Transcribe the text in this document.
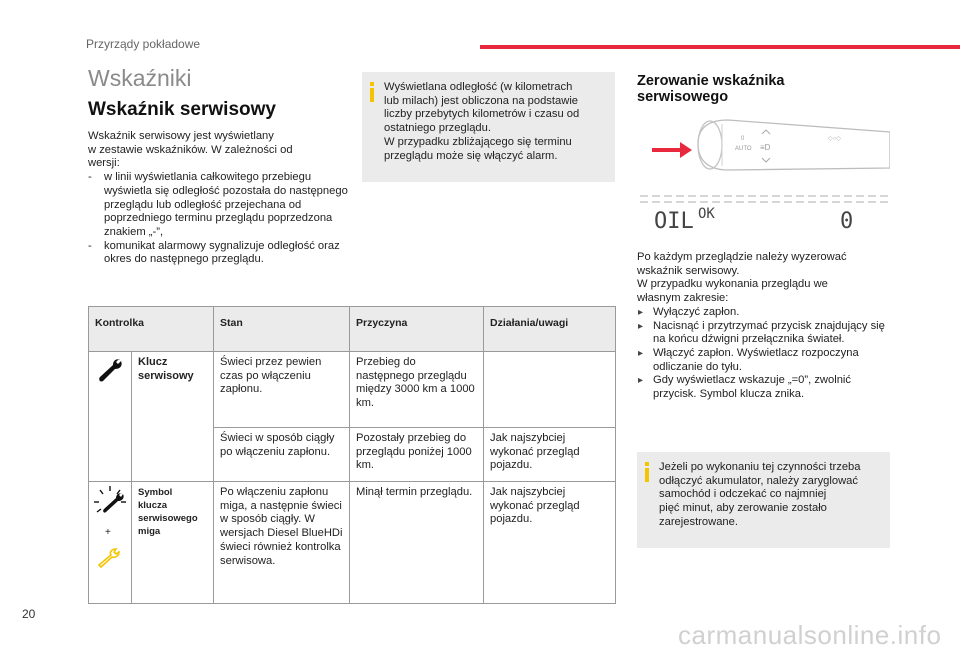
Przyrządy pokładowe
Wskaźniki
Wskaźnik serwisowy

Wskaźnik serwisowy jest wyświetlany

w zestawie wskaźników. W zależności od

wersji:

- w linii wyświetlania całkowitego przebiegu wyświetla się odległość pozostała do następnego przeglądu lub odległość przejechana od poprzedniego terminu przeglądu poprzedzona znakiem „-”,

- komunikat alarmowy sygnalizuje odległość oraz okres do następnego przeglądu.

Wyświetlana odległość (w kilometrach
lub milach) jest obliczona na podstawie
liczby przebytych kilometrów i czasu od
ostatniego przeglądu.
W przypadku zbliżającego się terminu
przeglądu może się włączyć alarm.
Zerowanie wskaźnika
serwisowego
AUTO
0
≡D
◇○◇
OIL OK	0
Po każdym przeglądzie należy wyzerować
wskaźnik serwisowy.
W przypadku wykonania przeglądu we
własnym zakresie:
▸ Wyłączyć zapłon.
▸ Nacisnąć i przytrzymać przycisk znajdujący się na końcu dźwigni przełącznika świateł.
▸ Włączyć zapłon. Wyświetlacz rozpoczyna odliczanie do tyłu.
▸ Gdy wyświetlacz wskazuje „=0”, zwolnić przycisk. Symbol klucza znika.
Jeżeli po wykonaniu tej czynności trzeba
odłączyć akumulator, należy zaryglować
samochód i odczekać co najmniej
pięć minut, aby zerowanie zostało
zarejestrowane.
Kontrolka		Stan	Przyczyna	Działania/uwagi

Klucz
serwisowy	Świeci przez pewien czas po włączeniu zapłonu.	Przebieg do następnego przeglądu między 3000 km a 1000 km.	
		Świeci w sposób ciągły po włączeniu zapłonu.	Pozostały przebieg do przeglądu poniżej 1000 km.	Jak najszybciej wykonać przegląd pojazdu.

+	Symbol
klucza
serwisowego
miga	Po włączeniu zapłonu miga, a następnie świeci w sposób ciągły. W wersjach Diesel BlueHDi świeci również kontrolka serwisowa.	Minął termin przeglądu.	Jak najszybciej wykonać przegląd pojazdu.
20
carmanualsonline.info
